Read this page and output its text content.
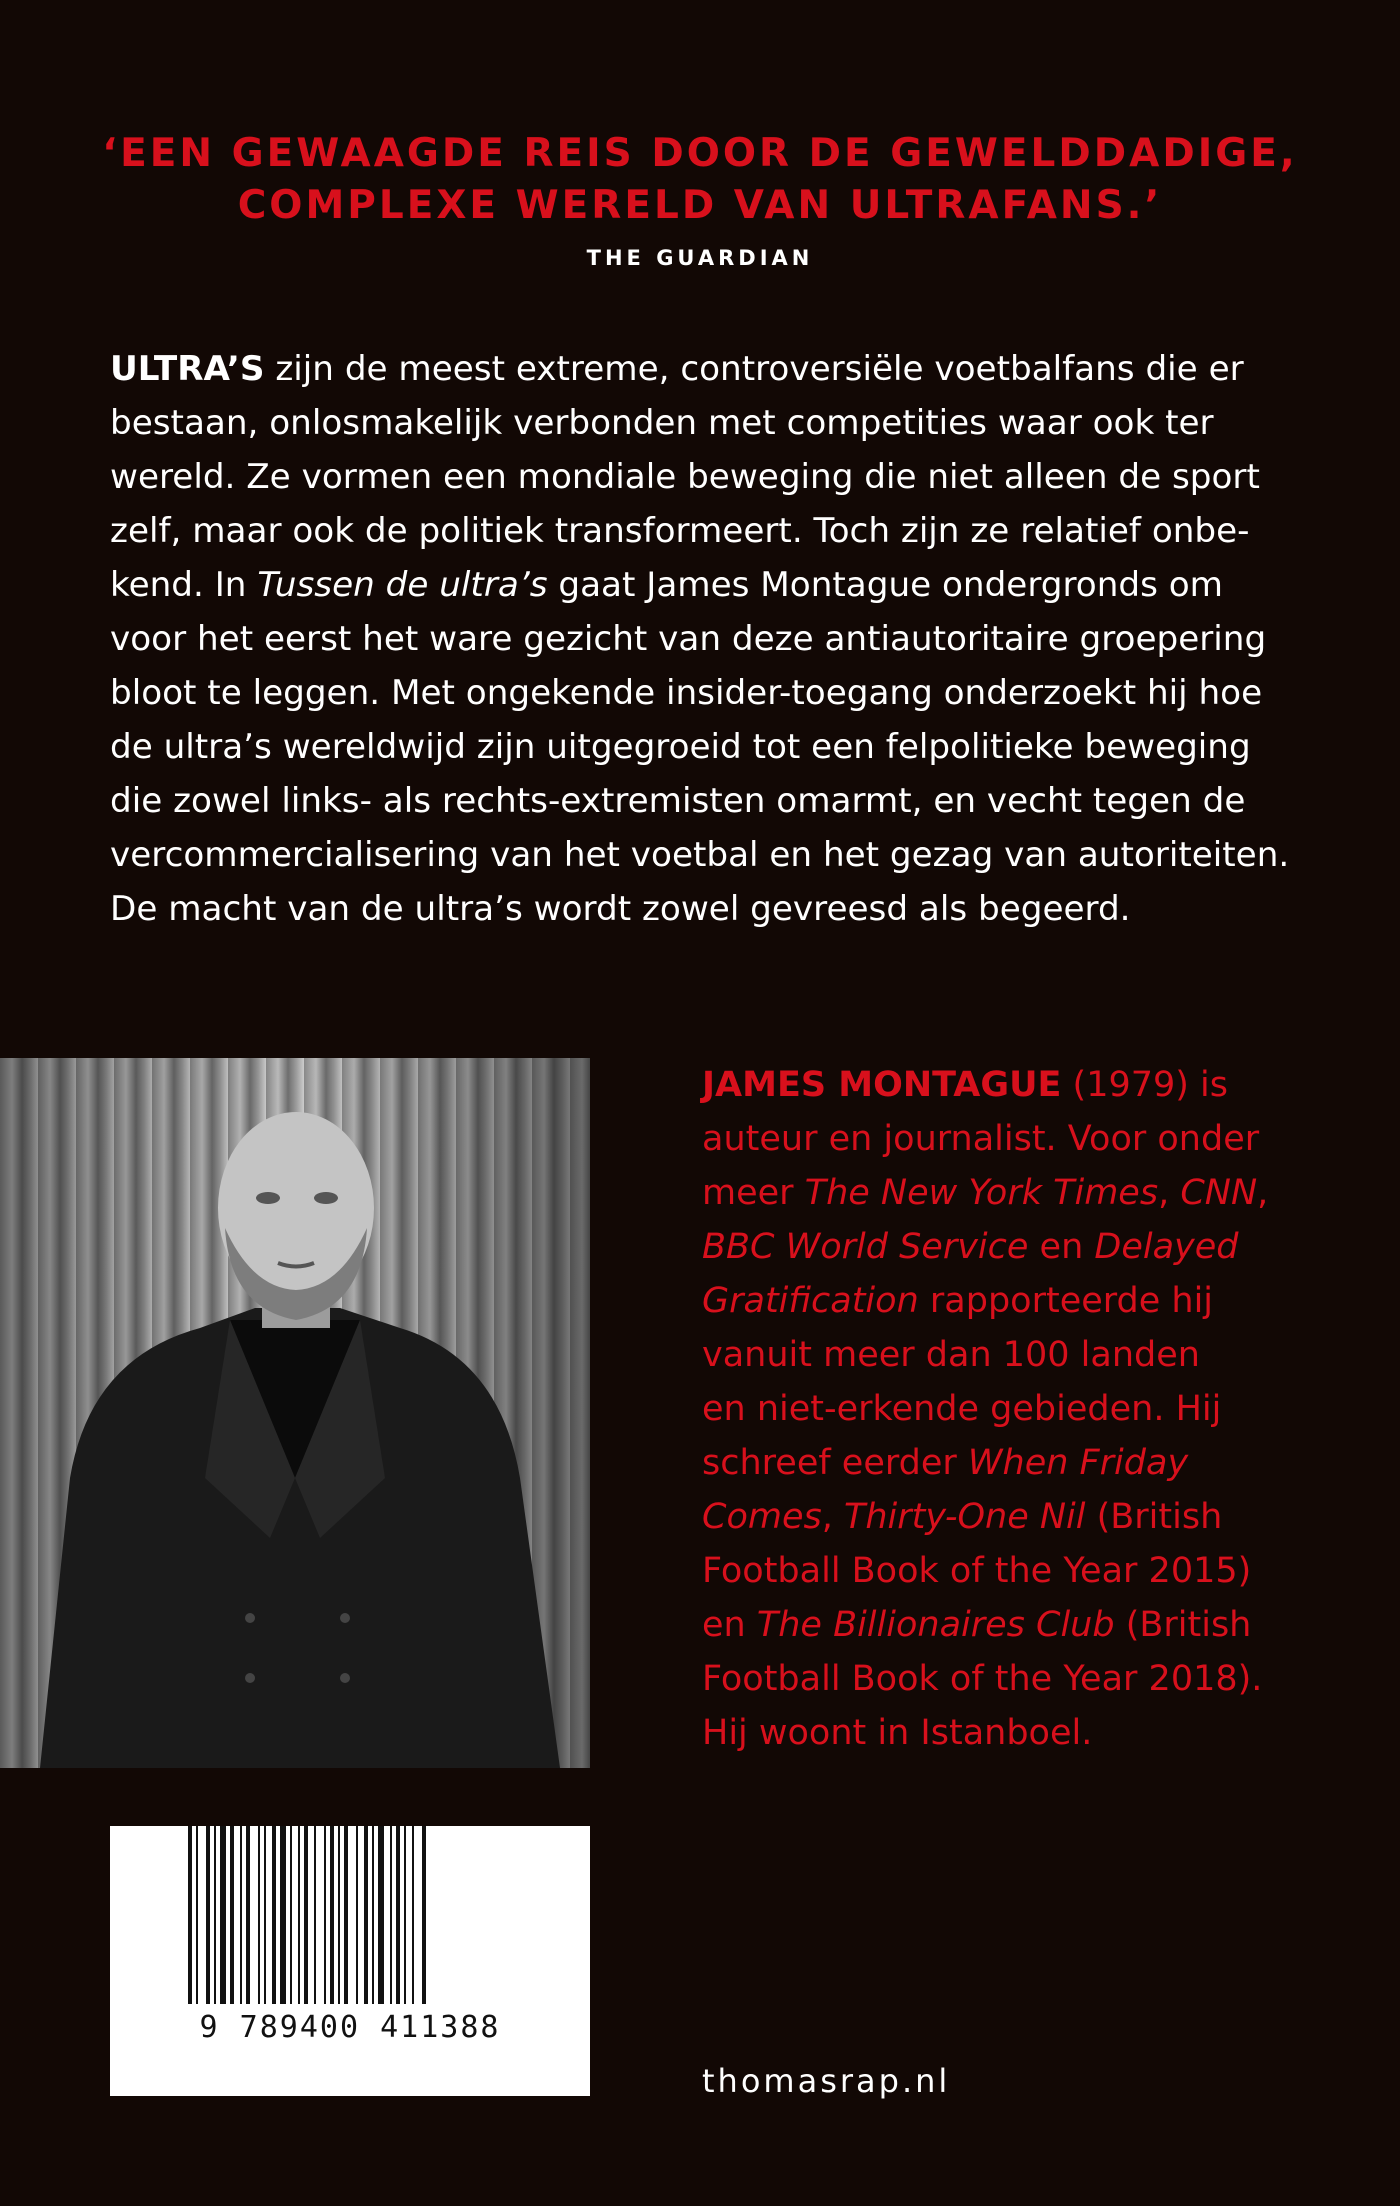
‘EEN GEWAAGDE REIS DOOR DE GEWELDDADIGE,
COMPLEXE WERELD VAN ULTRAFANS.’
THE GUARDIAN
ULTRA’S zijn de meest extreme, controversiële voetbalfans die er
bestaan, onlosmakelijk verbonden met competities waar ook ter
wereld. Ze vormen een mondiale beweging die niet alleen de sport
zelf, maar ook de politiek transformeert. Toch zijn ze relatief onbe-
kend. In Tussen de ultra’s gaat James Montague ondergronds om
voor het eerst het ware gezicht van deze antiautoritaire groepering
bloot te leggen. Met ongekende insider-toegang onderzoekt hij hoe
de ultra’s wereldwijd zijn uitgegroeid tot een felpolitieke beweging
die zowel links- als rechts-extremisten omarmt, en vecht tegen de
vercommercialisering van het voetbal en het gezag van autoriteiten.
De macht van de ultra’s wordt zowel gevreesd als begeerd.
JAMES MONTAGUE (1979) is
auteur en journalist. Voor onder
meer The New York Times, CNN,
BBC World Service en Delayed
Gratification rapporteerde hij
vanuit meer dan 100 landen
en niet-erkende gebieden. Hij
schreef eerder When Friday
Comes, Thirty-One Nil (British
Football Book of the Year 2015)
en The Billionaires Club (British
Football Book of the Year 2018).
Hij woont in Istanboel.
9 789400 411388
thomasrap.nl
